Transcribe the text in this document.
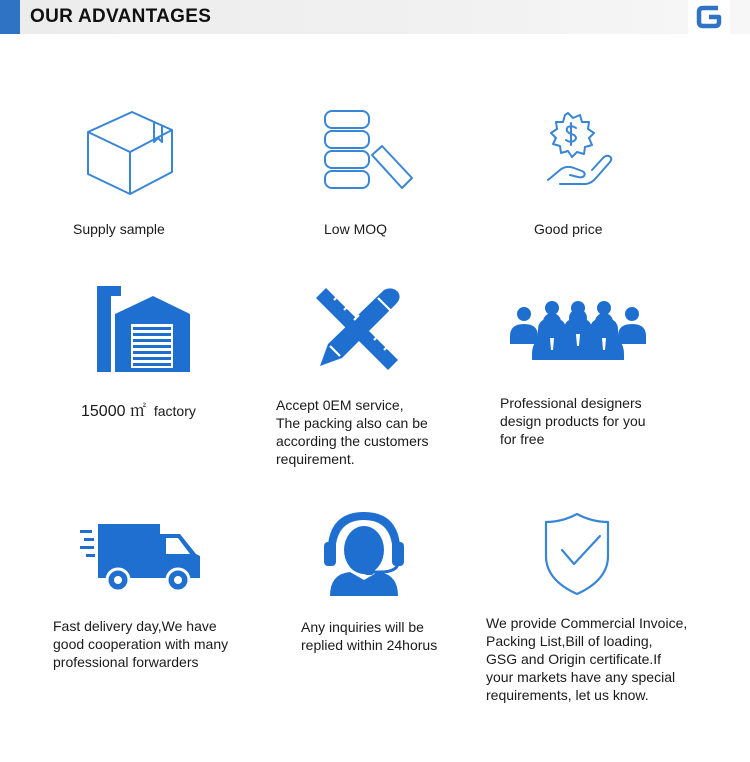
OUR ADVANTAGES
Supply sample	Low MOQ	Good price
15000 ㎡ factory	Accept 0EM service,
The packing also can be
according the customers
requirement.
Professional designers
design products for you
for free
Fast delivery day,We have
good cooperation with many
professional forwarders
Any inquiries will be
replied within 24horus
We provide Commercial Invoice,
Packing List,Bill of loading,
GSG and Origin certificate.If
your markets have any special
requirements, let us know.
